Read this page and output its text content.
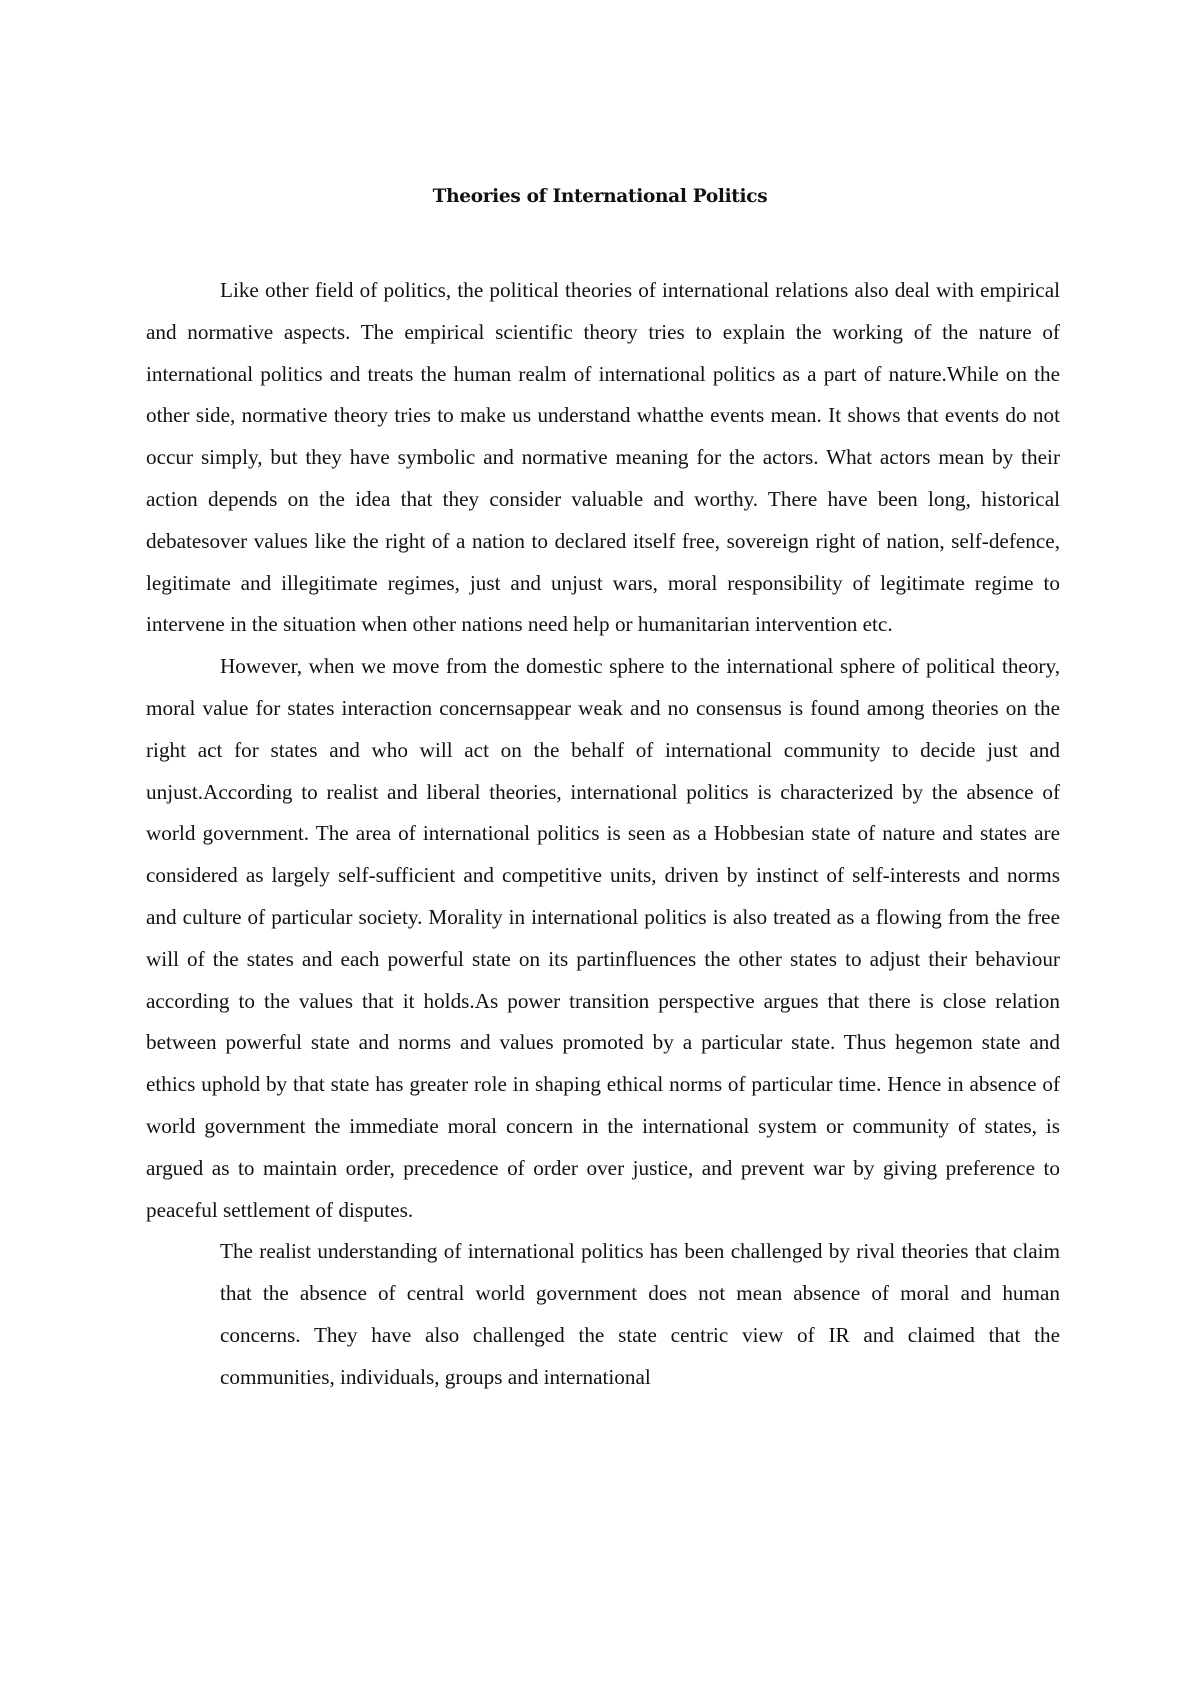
Theories of International Politics

Like other field of politics, the political theories of international relations also deal with empirical and normative aspects. The empirical scientific theory tries to explain the working of the nature of international politics and treats the human realm of international politics as a part of nature.While on the other side, normative theory tries to make us understand whatthe events mean. It shows that events do not occur simply, but they have symbolic and normative meaning for the actors. What actors mean by their action depends on the idea that they consider valuable and worthy. There have been long, historical debatesover values like the right of a nation to declared itself free, sovereign right of nation, self-defence, legitimate and illegitimate regimes, just and unjust wars, moral responsibility of legitimate regime to intervene in the situation when other nations need help or humanitarian intervention etc.

However, when we move from the domestic sphere to the international sphere of political theory, moral value for states interaction concernsappear weak and no consensus is found among theories on the right act for states and who will act on the behalf of international community to decide just and unjust.According to realist and liberal theories, international politics is characterized by the absence of world government. The area of international politics is seen as a Hobbesian state of nature and states are considered as largely self-sufficient and competitive units, driven by instinct of self-interests and norms and culture of particular society. Morality in international politics is also treated as a flowing from the free will of the states and each powerful state on its partinfluences the other states to adjust their behaviour according to the values that it holds.As power transition perspective argues that there is close relation between powerful state and norms and values promoted by a particular state. Thus hegemon state and ethics uphold by that state has greater role in shaping ethical norms of particular time. Hence in absence of world government the immediate moral concern in the international system or community of states, is argued as to maintain order, precedence of order over justice, and prevent war by giving preference to peaceful settlement of disputes.

The realist understanding of international politics has been challenged by rival theories that claim that the absence of central world government does not mean absence of moral and human concerns. They have also challenged the state centric view of IR and claimed that the communities, individuals, groups and international
